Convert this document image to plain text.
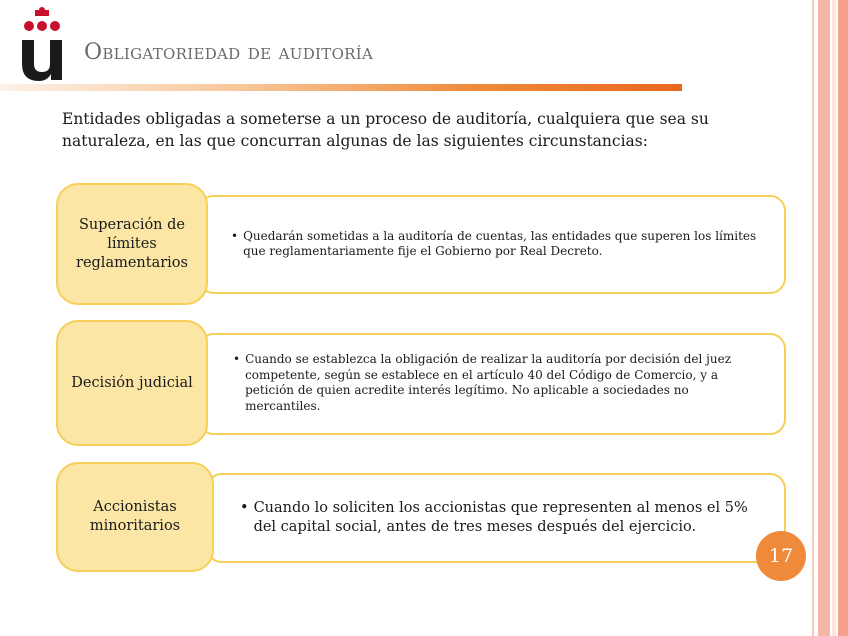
Obligatoriedad de auditoría
Entidades obligadas a someterse a un proceso de auditoría, cualquiera que sea su naturaleza, en las que concurran algunas de las siguientes circunstancias:
Superación de límites reglamentarios
• Quedarán sometidas a la auditoría de cuentas, las entidades que superen los límites que reglamentariamente fije el Gobierno por Real Decreto.
Decisión judicial
• Cuando se establezca la obligación de realizar la auditoría por decisión del juez competente, según se establece en el artículo 40 del Código de Comercio, y a petición de quien acredite interés legítimo. No aplicable a sociedades no mercantiles.
Accionistas minoritarios
• Cuando lo soliciten los accionistas que representen al menos el 5% del capital social, antes de tres meses después del ejercicio.
17
